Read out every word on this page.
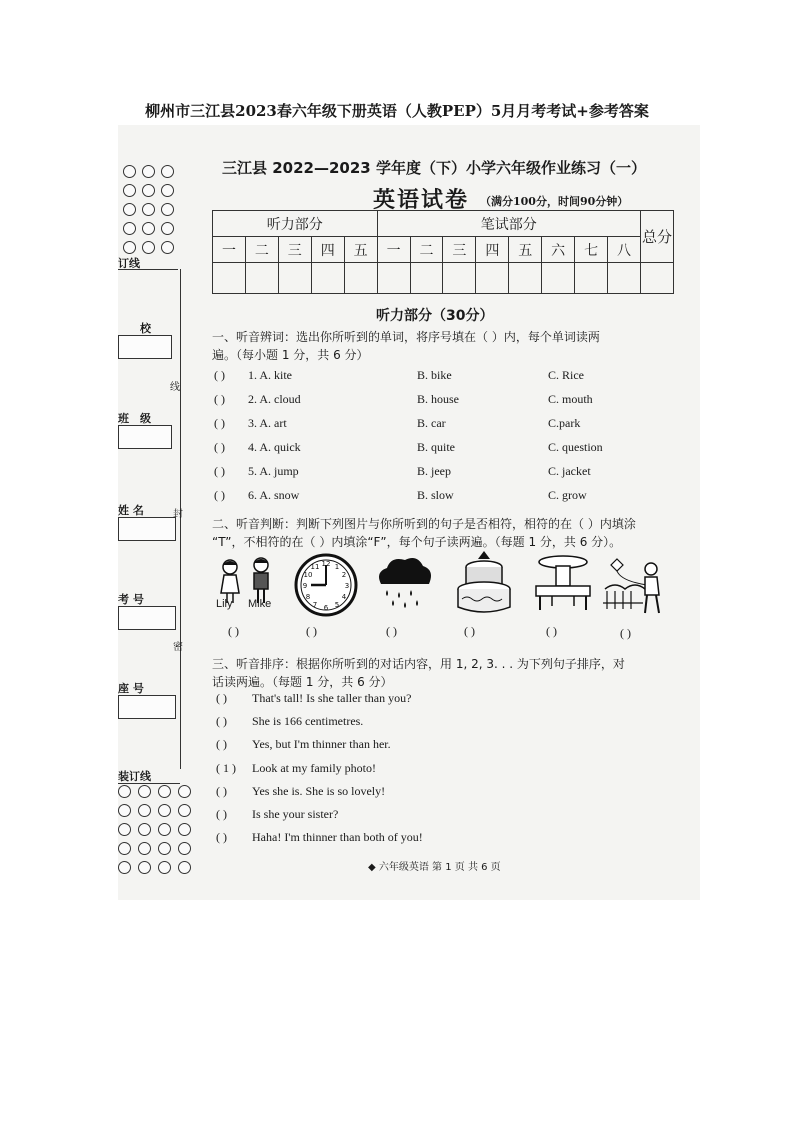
柳州市三江县2023春六年级下册英语（人教PEP）5月月考考试+参考答案
订线
校
线
班 级
姓 名	封
考 号
密
座 号
装订线
三江县 2022—2023 学年度（下）小学六年级作业练习（一）
英语试卷 （满分100分，时间90分钟）
听力部分					笔试部分								总分
一	二	三	四	五	一	二	三	四	五	六	七	八	

听力部分（30分）
一、听音辨词：选出你所听到的单词，将序号填在（ ）内，每个单词读两
遍。（每小题 1 分，共 6 分）
( ) 1. A. kite	B. bike	C. Rice
( ) 2. A. cloud	B. house	C. mouth
( ) 3. A. art	B. car	C.park
( ) 4. A. quick	B. quite	C. question
( ) 5. A. jump	B. jeep	C. jacket
( ) 6. A. snow	B. slow	C. grow
二、听音判断：判断下列图片与你所听到的句子是否相符，相符的在（ ）内填涂
“T”，不相符的在（ ）内填涂“F”，每个句子读两遍。（每题 1 分，共 6 分）。
Lily Mike
12 1
2
3
4
5
6
7
8
9
10
11
( )	( )	( )	( )	( )	( )
三、听音排序：根据你所听到的对话内容，用 1, 2, 3. . . 为下列句子排序，对
话读两遍。（每题 1 分，共 6 分）
( ) That's tall! Is she taller than you?
( ) She is 166 centimetres.
( ) Yes, but I'm thinner than her.
( 1 ) Look at my family photo!
( ) Yes she is. She is so lovely!
( ) Is she your sister?
( ) Haha! I'm thinner than both of you!
◆ 六年级英语 第 1 页 共 6 页
